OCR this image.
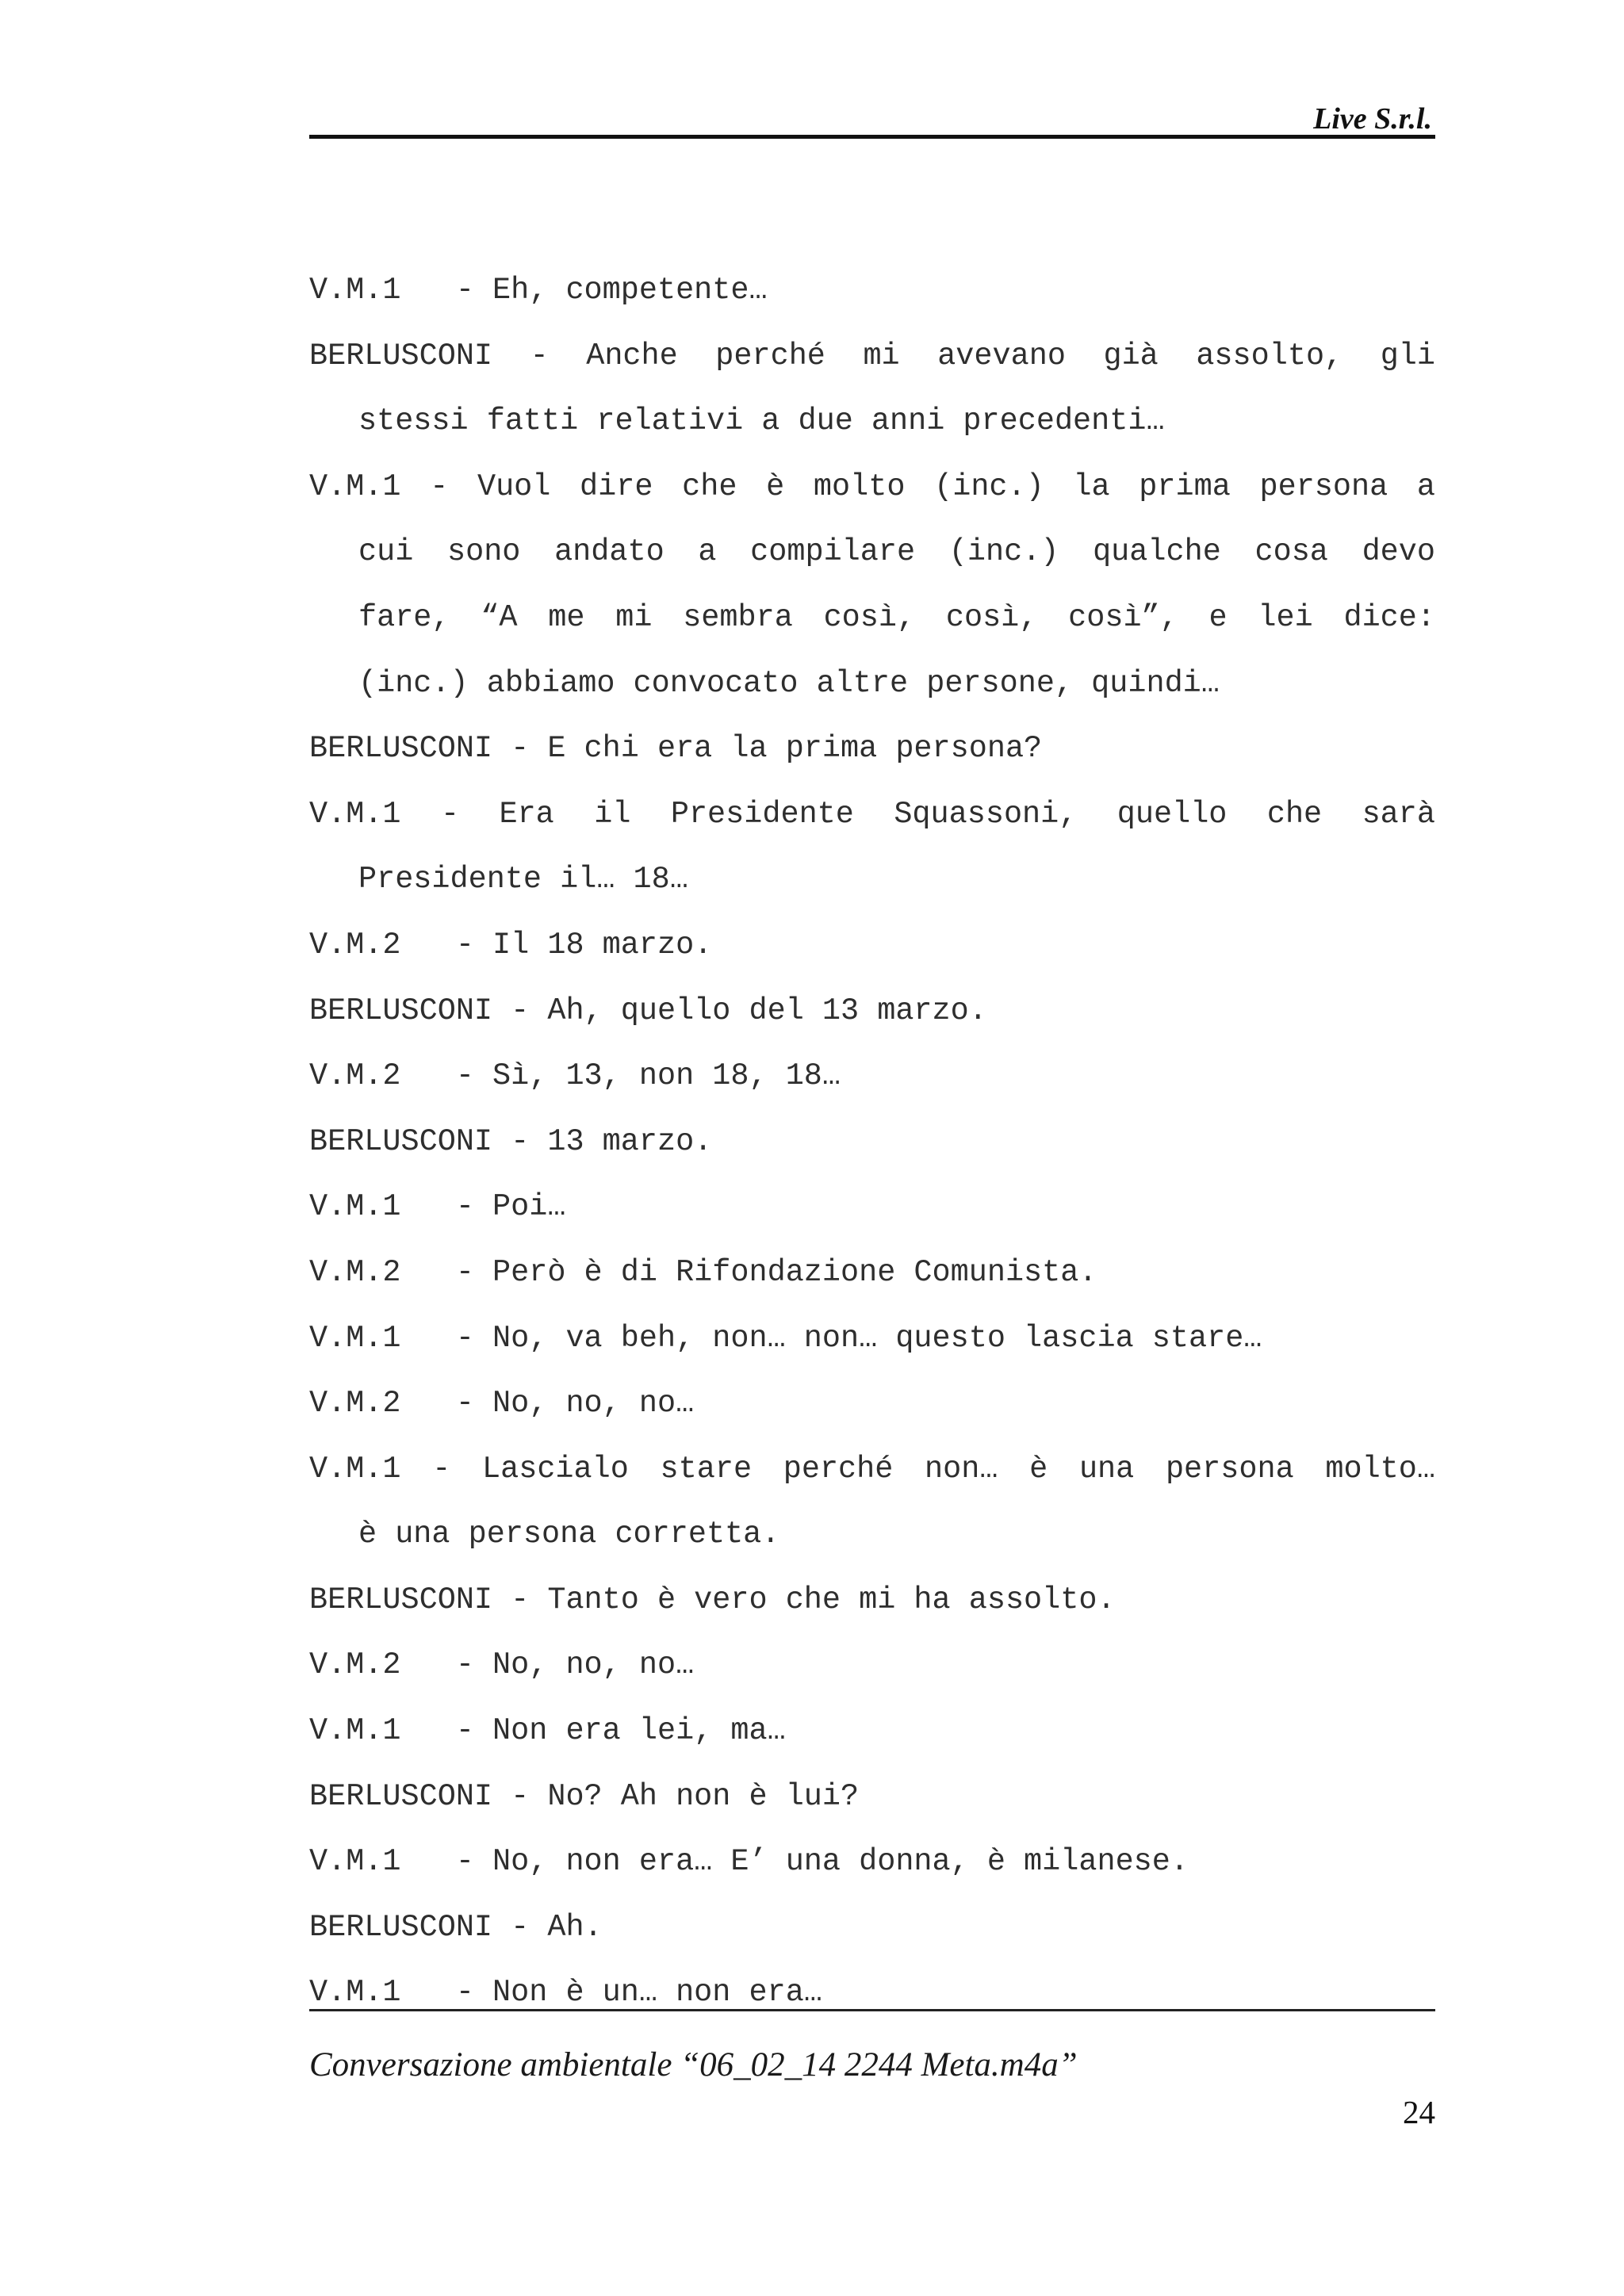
Live S.r.l.
V.M.1   - Eh, competente…
BERLUSCONI - Anche perché mi avevano già assolto, gli
stessi fatti relativi a due anni precedenti…
V.M.1 - Vuol dire che è molto (inc.) la prima persona a
cui sono andato a compilare (inc.) qualche cosa devo
fare, “A me mi sembra così, così, così”, e lei dice:
(inc.) abbiamo convocato altre persone, quindi…
BERLUSCONI - E chi era la prima persona?
V.M.1 - Era il Presidente Squassoni, quello che sarà
Presidente il… 18…
V.M.2   - Il 18 marzo.
BERLUSCONI - Ah, quello del 13 marzo.
V.M.2   - Sì, 13, non 18, 18…
BERLUSCONI - 13 marzo.
V.M.1   - Poi…
V.M.2   - Però è di Rifondazione Comunista.
V.M.1   - No, va beh, non… non… questo lascia stare…
V.M.2   - No, no, no…
V.M.1 - Lascialo stare perché non… è una persona molto…
è una persona corretta.
BERLUSCONI - Tanto è vero che mi ha assolto.
V.M.2   - No, no, no…
V.M.1   - Non era lei, ma…
BERLUSCONI - No? Ah non è lui?
V.M.1   - No, non era… E’ una donna, è milanese.
BERLUSCONI - Ah.
V.M.1   - Non è un… non era…
Conversazione ambientale “06_02_14 2244 Meta.m4a”
24
